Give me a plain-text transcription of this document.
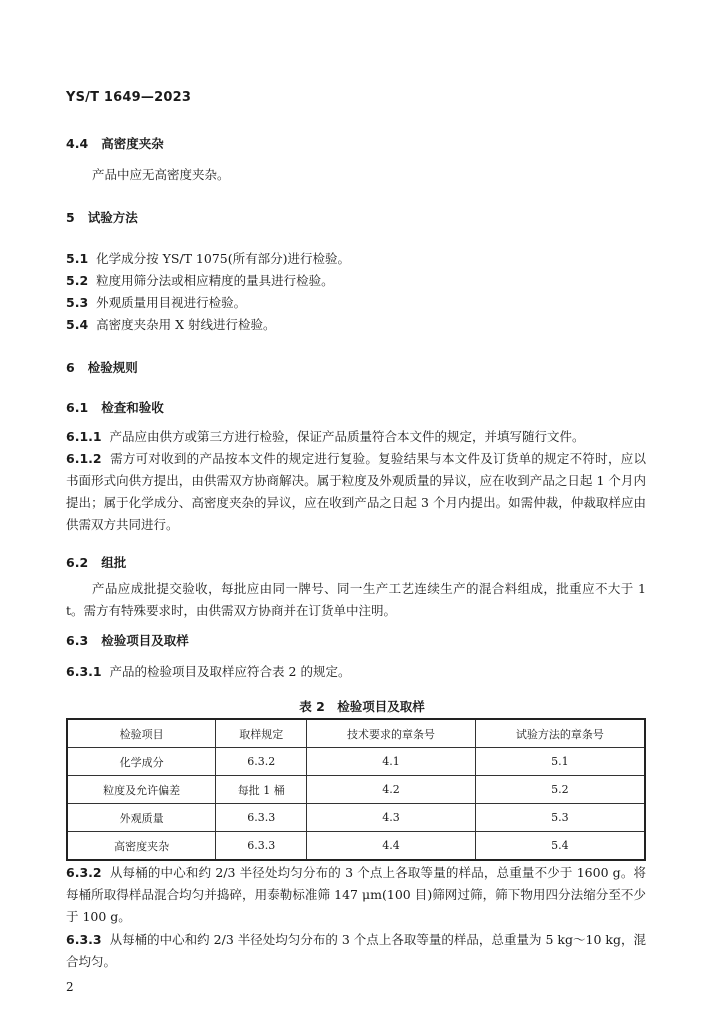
YS/T 1649—2023
4.4 高密度夹杂
产品中应无高密度夹杂。
5 试验方法
5.1 化学成分按 YS/T 1075(所有部分)进行检验。
5.2 粒度用筛分法或相应精度的量具进行检验。
5.3 外观质量用目视进行检验。
5.4 高密度夹杂用 X 射线进行检验。
6 检验规则
6.1 检查和验收
6.1.1 产品应由供方或第三方进行检验，保证产品质量符合本文件的规定，并填写随行文件。
6.1.2 需方可对收到的产品按本文件的规定进行复验。复验结果与本文件及订货单的规定不符时，应以书面形式向供方提出，由供需双方协商解决。属于粒度及外观质量的异议，应在收到产品之日起 1 个月内提出；属于化学成分、高密度夹杂的异议，应在收到产品之日起 3 个月内提出。如需仲裁，仲裁取样应由供需双方共同进行。
6.2 组批
产品应成批提交验收，每批应由同一牌号、同一生产工艺连续生产的混合料组成，批重应不大于 1 t。需方有特殊要求时，由供需双方协商并在订货单中注明。
6.3 检验项目及取样
6.3.1 产品的检验项目及取样应符合表 2 的规定。
表 2　检验项目及取样
检验项目	取样规定	技术要求的章条号	试验方法的章条号
化学成分	6.3.2	4.1	5.1
粒度及允许偏差	每批 1 桶	4.2	5.2
外观质量	6.3.3	4.3	5.3
高密度夹杂	6.3.3	4.4	5.4
6.3.2 从每桶的中心和约 2/3 半径处均匀分布的 3 个点上各取等量的样品，总重量不少于 1600 g。将每桶所取得样品混合均匀并捣碎，用泰勒标准筛 147 μm(100 目)筛网过筛，筛下物用四分法缩分至不少于 100 g。
6.3.3 从每桶的中心和约 2/3 半径处均匀分布的 3 个点上各取等量的样品，总重量为 5 kg～10 kg，混合均匀。
2
